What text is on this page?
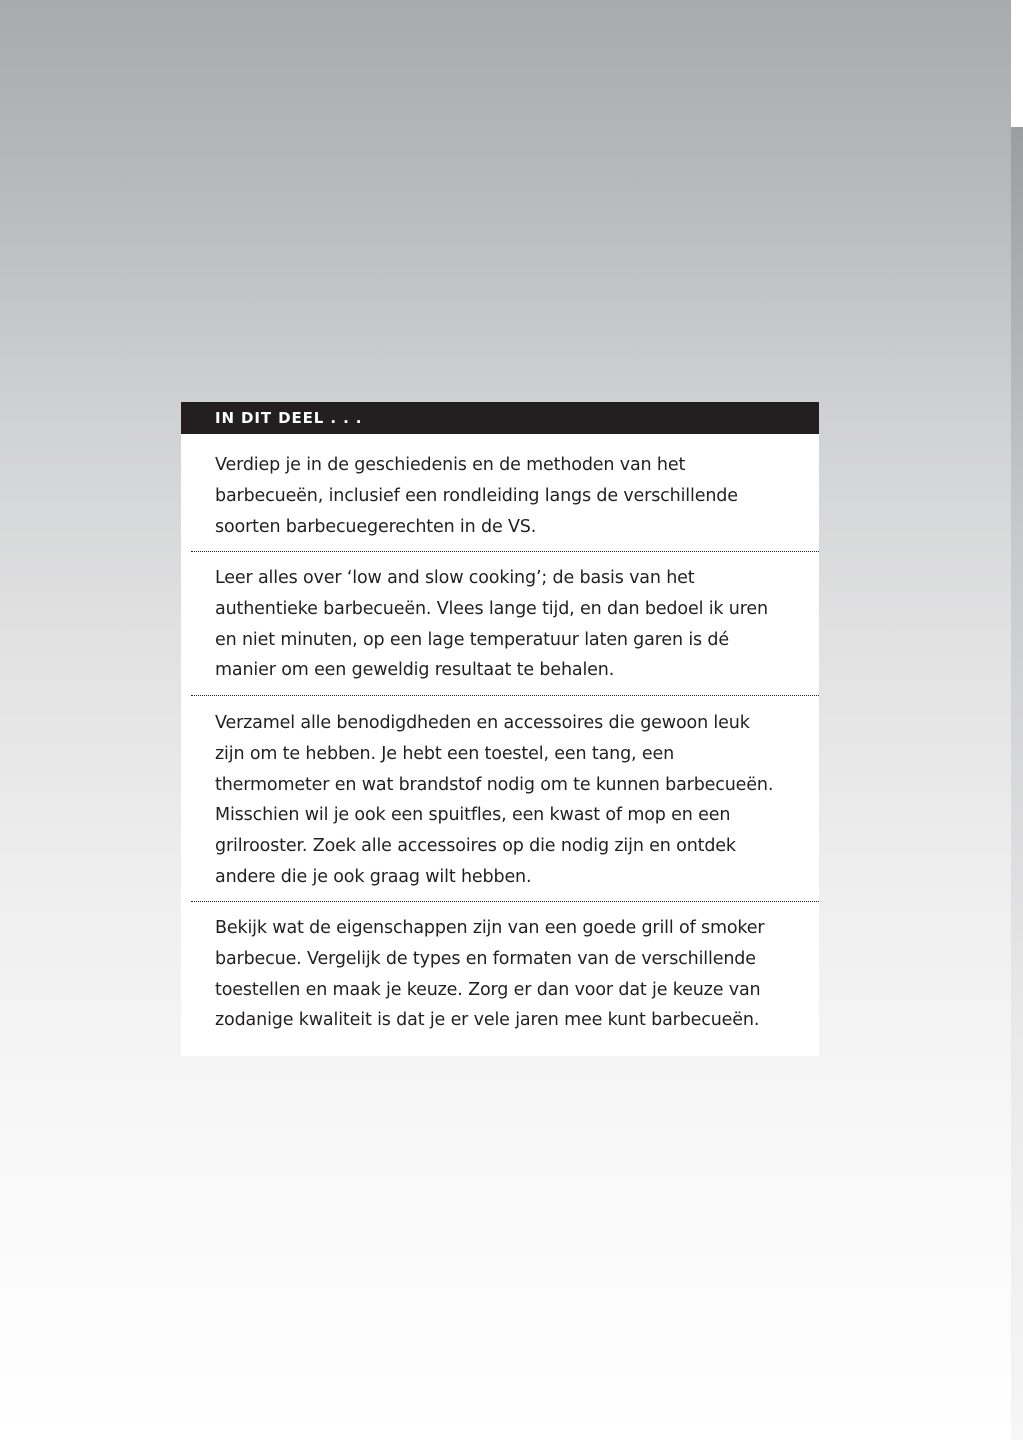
IN DIT DEEL . . .
Verdiep je in de geschiedenis en de methoden van het
barbecueën, inclusief een rondleiding langs de verschillende
soorten barbecuegerechten in de VS.
Leer alles over ‘low and slow cooking’; de basis van het
authentieke barbecueën. Vlees lange tijd, en dan bedoel ik uren
en niet minuten, op een lage temperatuur laten garen is dé
manier om een geweldig resultaat te behalen.
Verzamel alle benodigdheden en accessoires die gewoon leuk
zijn om te hebben. Je hebt een toestel, een tang, een
thermometer en wat brandstof nodig om te kunnen barbecueën.
Misschien wil je ook een spuitfles, een kwast of mop en een
grilrooster. Zoek alle accessoires op die nodig zijn en ontdek
andere die je ook graag wilt hebben.
Bekijk wat de eigenschappen zijn van een goede grill of smoker
barbecue. Vergelijk de types en formaten van de verschillende
toestellen en maak je keuze. Zorg er dan voor dat je keuze van
zodanige kwaliteit is dat je er vele jaren mee kunt barbecueën.
